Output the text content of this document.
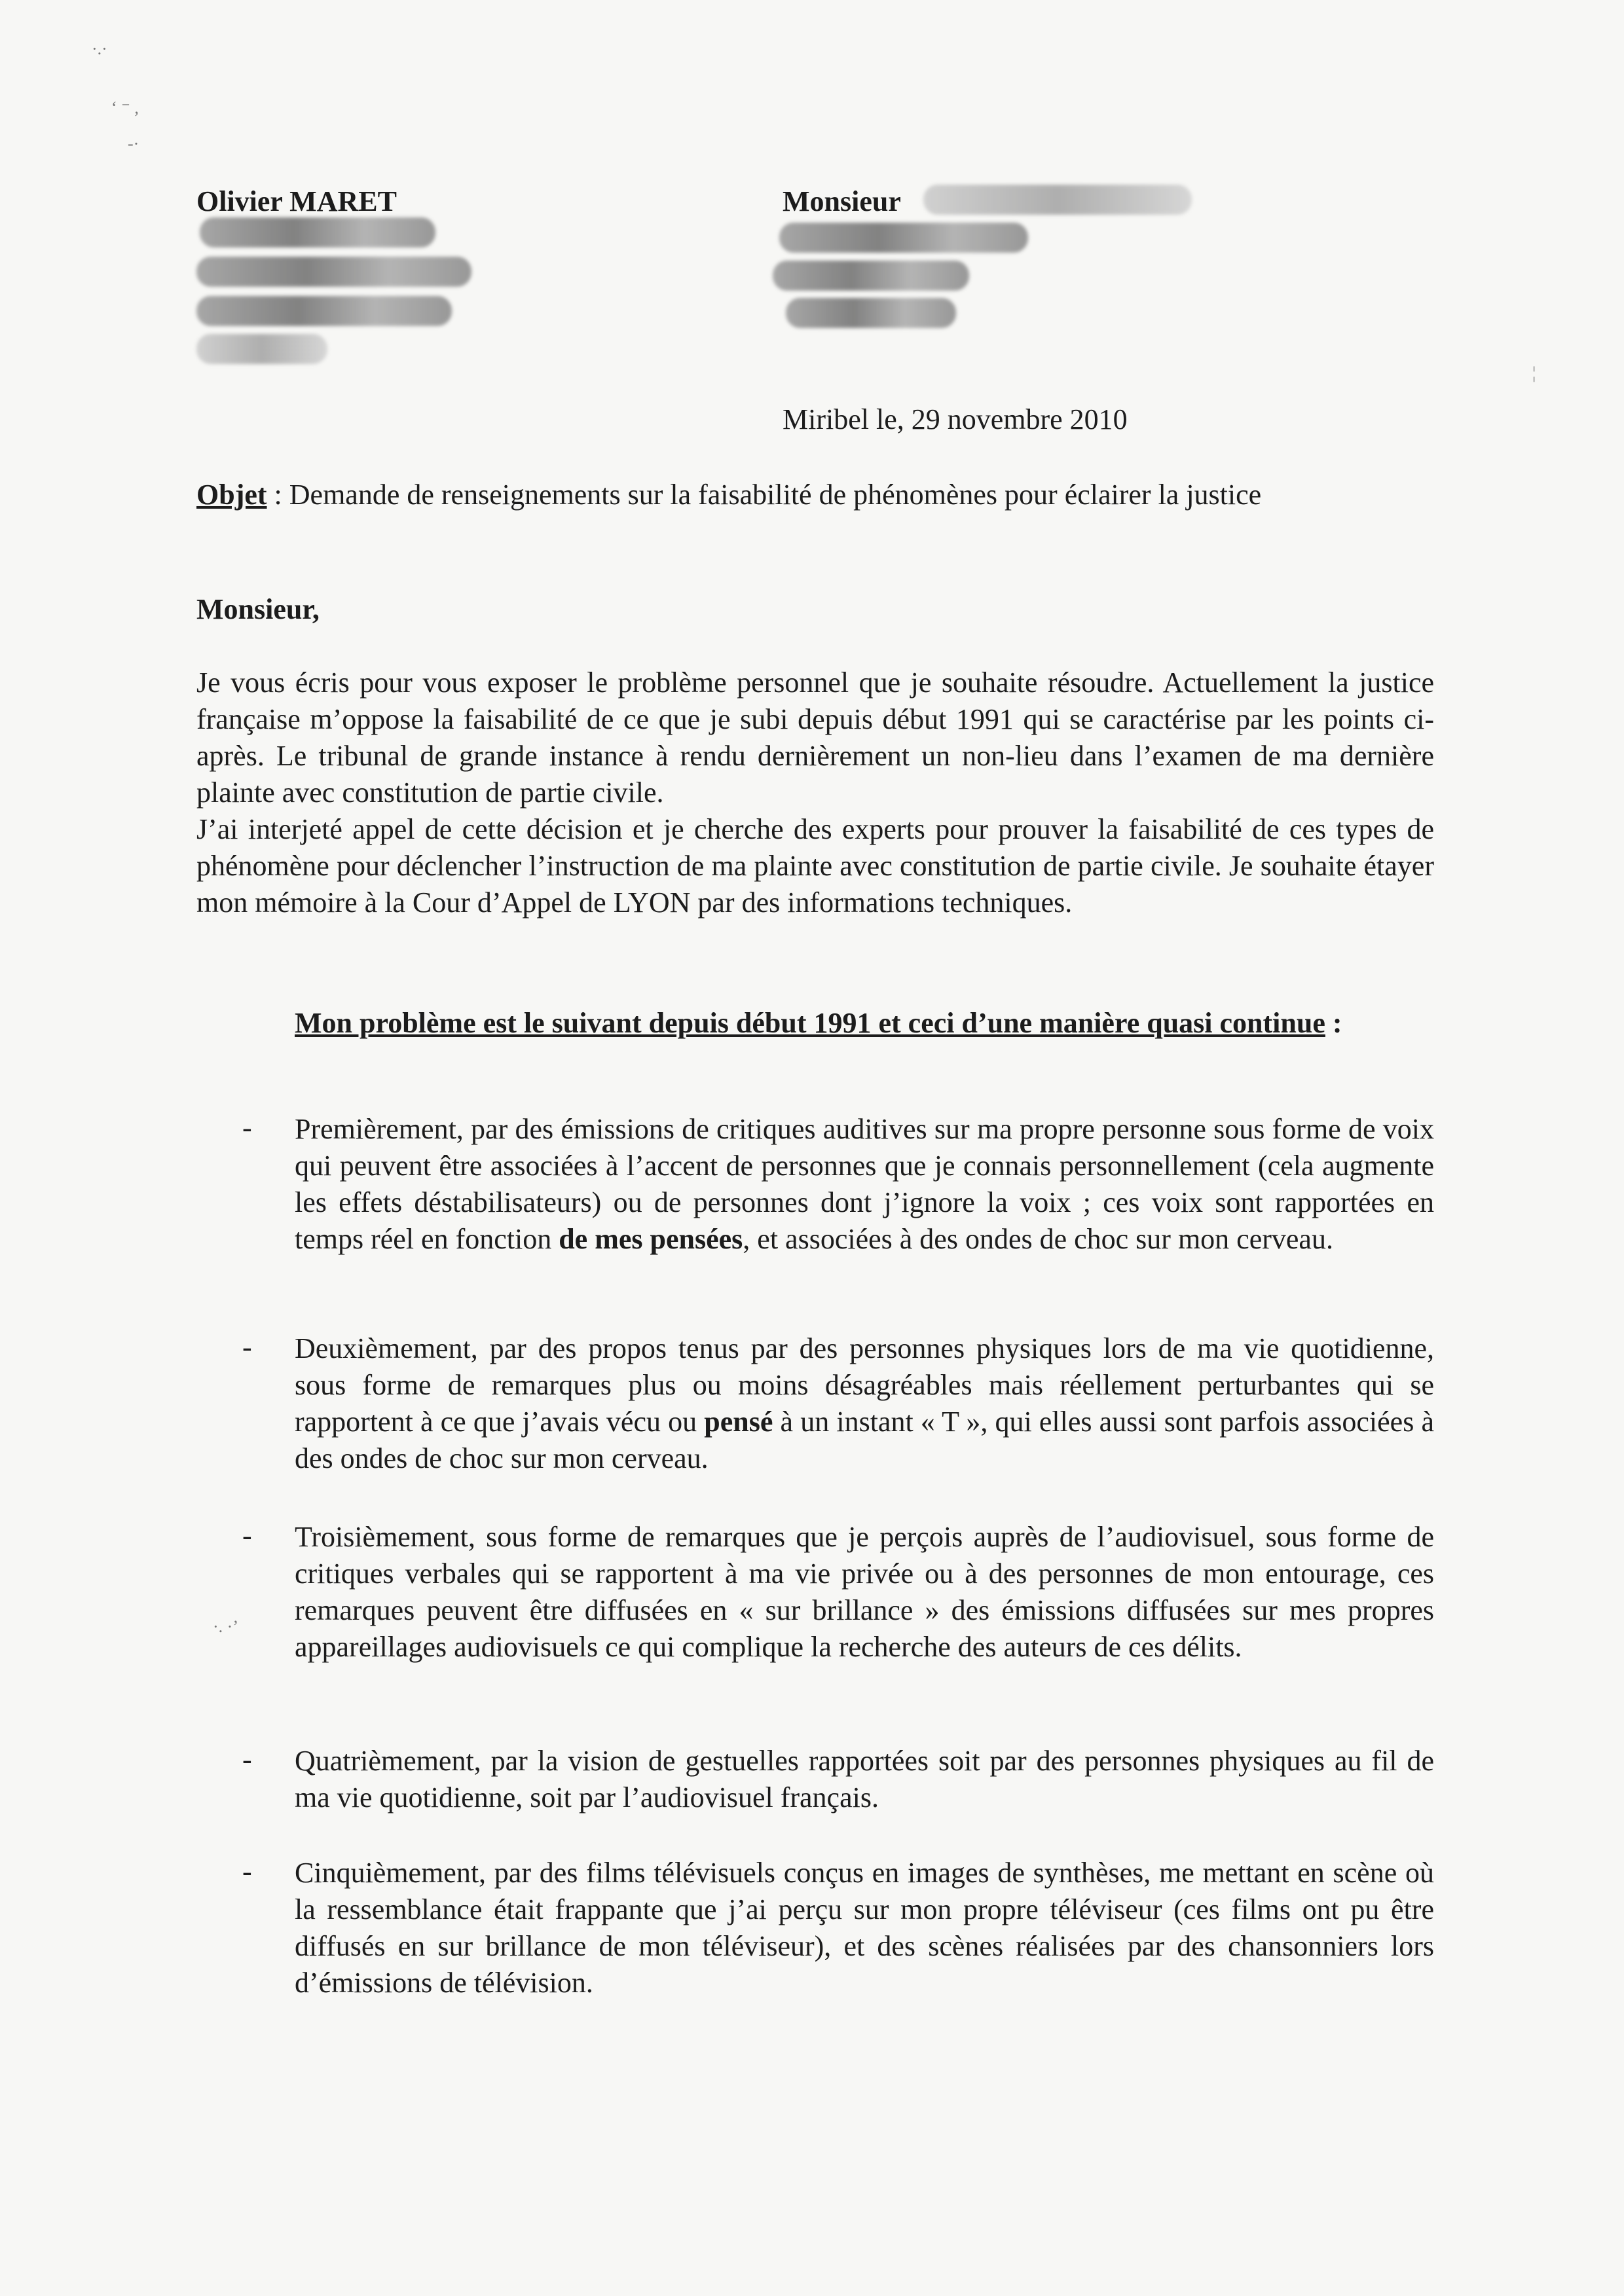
·.·
‘ ⁻ ,
-·
¦
·. ·’
Olivier MARET	Monsieur
Miribel le, 29 novembre 2010
Objet : Demande de renseignements sur la faisabilité de phénomènes pour éclairer la justice
Monsieur,
Je vous écris pour vous exposer le problème personnel que je souhaite résoudre. Actuellement la justice française m’oppose la faisabilité de ce que je subi depuis début 1991 qui se caractérise par les points ci-après. Le tribunal de grande instance à rendu dernièrement un non-lieu dans l’examen de ma dernière plainte avec constitution de partie civile.
J’ai interjeté appel de cette décision et je cherche des experts pour prouver la faisabilité de ces types de phénomène pour déclencher l’instruction de ma plainte avec constitution de partie civile. Je souhaite étayer mon mémoire à la Cour d’Appel de LYON par des informations techniques.
Mon problème est le suivant depuis début 1991 et ceci d’une manière quasi continue :
- Premièrement, par des émissions de critiques auditives sur ma propre personne sous forme de voix qui peuvent être associées à l’accent de personnes que je connais personnellement (cela augmente les effets déstabilisateurs) ou de personnes dont j’ignore la voix ; ces voix sont rapportées en temps réel en fonction de mes pensées, et associées à des ondes de choc sur mon cerveau.
- Deuxièmement, par des propos tenus par des personnes physiques lors de ma vie quotidienne, sous forme de remarques plus ou moins désagréables mais réellement perturbantes qui se rapportent à ce que j’avais vécu ou pensé à un instant « T », qui elles aussi sont parfois associées à des ondes de choc sur mon cerveau.
- Troisièmement, sous forme de remarques que je perçois auprès de l’audiovisuel, sous forme de critiques verbales qui se rapportent à ma vie privée ou à des personnes de mon entourage, ces remarques peuvent être diffusées en « sur brillance » des émissions diffusées sur mes propres appareillages audiovisuels ce qui complique la recherche des auteurs de ces délits.
- Quatrièmement, par la vision de gestuelles rapportées soit par des personnes physiques au fil de ma vie quotidienne, soit par l’audiovisuel français.
- Cinquièmement, par des films télévisuels conçus en images de synthèses, me mettant en scène où la ressemblance était frappante que j’ai perçu sur mon propre téléviseur (ces films ont pu être diffusés en sur brillance de mon téléviseur), et des scènes réalisées par des chansonniers lors d’émissions de télévision.
